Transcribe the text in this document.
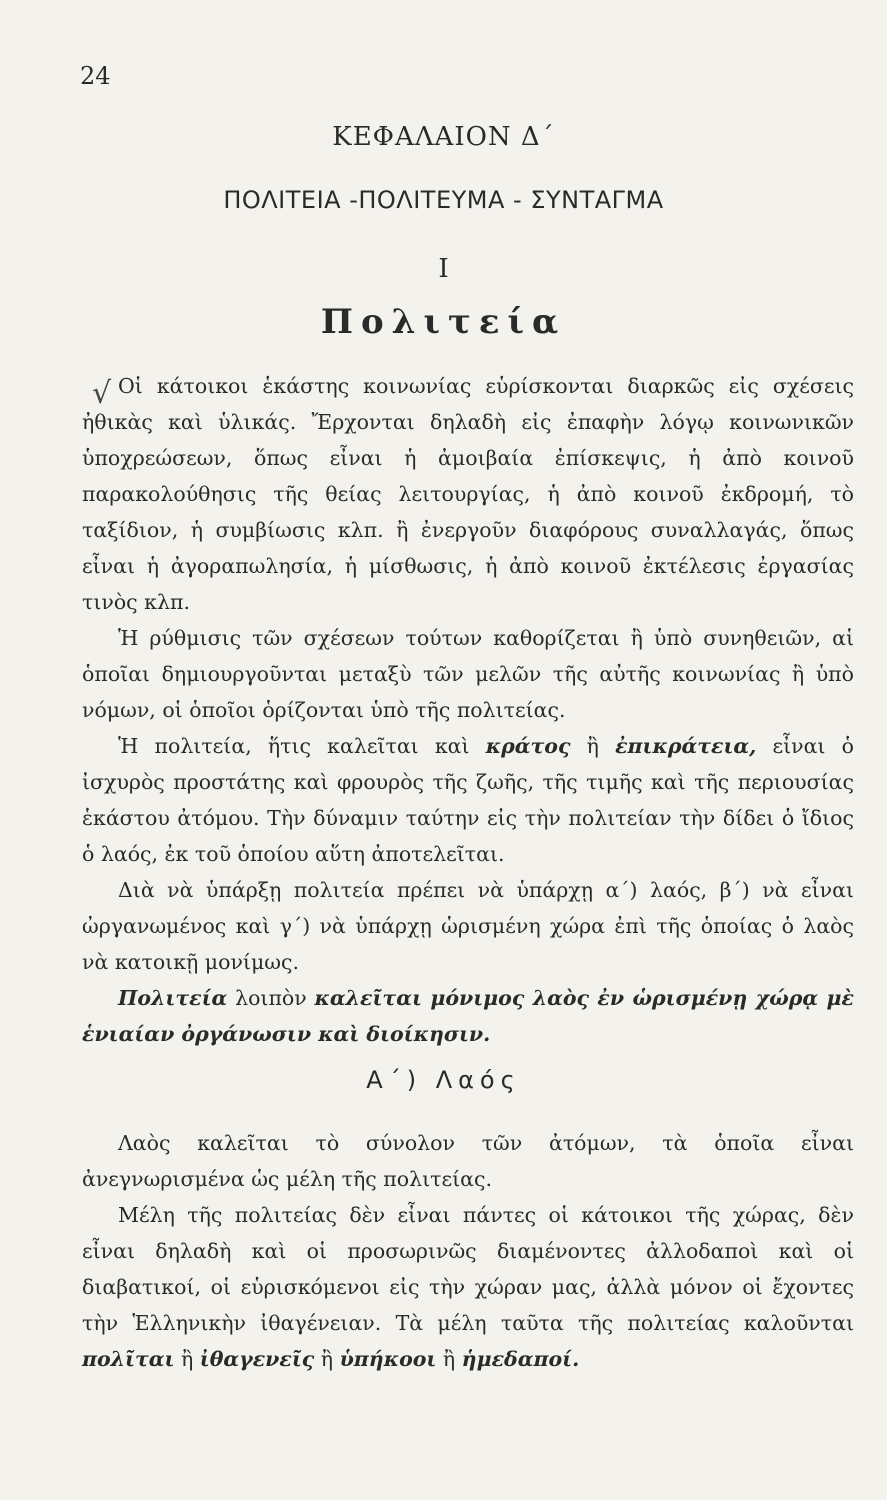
24
ΚΕΦΑΛΑΙΟΝ Δ΄
ΠΟΛΙΤΕΙΑ -ΠΟΛΙΤΕΥΜΑ - ΣΥΝΤΑΓΜΑ
Ι
Πολιτεία
√ Οἱ κάτοικοι ἑκάστης κοινωνίας εὑρίσκονται διαρκῶς εἰς σχέσεις ἠθικὰς καὶ ὑλικάς. Ἔρχονται δηλαδὴ εἰς ἐπαφὴν λόγῳ κοινωνικῶν ὑποχρεώσεων, ὅπως εἶναι ἡ ἀμοιβαία ἐπίσκεψις, ἡ ἀπὸ κοινοῦ παρακολούθησις τῆς θείας λειτουργίας, ἡ ἀπὸ κοινοῦ ἐκδρομή, τὸ ταξίδιον, ἡ συμβίωσις κλπ. ἢ ἐνεργοῦν διαφόρους συναλλαγάς, ὅπως εἶναι ἡ ἀγοραπωλησία, ἡ μίσθωσις, ἡ ἀπὸ κοινοῦ ἐκτέλεσις ἐργασίας τινὸς κλπ.

Ἡ ρύθμισις τῶν σχέσεων τούτων καθορίζεται ἢ ὑπὸ συνηθειῶν, αἱ ὁποῖαι δημιουργοῦνται μεταξὺ τῶν μελῶν τῆς αὐτῆς κοινωνίας ἢ ὑπὸ νόμων, οἱ ὁποῖοι ὁρίζονται ὑπὸ τῆς πολιτείας.

Ἡ πολιτεία, ἥτις καλεῖται καὶ κράτος ἢ ἐπικράτεια, εἶναι ὁ ἰσχυρὸς προστάτης καὶ φρουρὸς τῆς ζωῆς, τῆς τιμῆς καὶ τῆς περιουσίας ἑκάστου ἀτόμου. Τὴν δύναμιν ταύτην εἰς τὴν πολιτείαν τὴν δίδει ὁ ἴδιος ὁ λαός, ἐκ τοῦ ὁποίου αὕτη ἀποτελεῖται.

Διὰ νὰ ὑπάρξῃ πολιτεία πρέπει νὰ ὑπάρχῃ α΄) λαός, β΄) νὰ εἶναι ὠργανωμένος καὶ γ΄) νὰ ὑπάρχῃ ὡρισμένη χώρα ἐπὶ τῆς ὁποίας ὁ λαὸς νὰ κατοικῇ μονίμως.

Πολιτεία λοιπὸν καλεῖται μόνιμος λαὸς ἐν ὡρισμένῃ χώρᾳ μὲ ἑνιαίαν ὀργάνωσιν καὶ διοίκησιν.

Α΄) Λαός

Λαὸς καλεῖται τὸ σύνολον τῶν ἀτόμων, τὰ ὁποῖα εἶναι ἀνεγνωρισμένα ὡς μέλη τῆς πολιτείας.

Μέλη τῆς πολιτείας δὲν εἶναι πάντες οἱ κάτοικοι τῆς χώρας, δὲν εἶναι δηλαδὴ καὶ οἱ προσωρινῶς διαμένοντες ἀλλοδαποὶ καὶ οἱ διαβατικοί, οἱ εὑρισκόμενοι εἰς τὴν χώραν μας, ἀλλὰ μόνον οἱ ἔχοντες τὴν Ἑλληνικὴν ἰθαγένειαν. Τὰ μέλη ταῦτα τῆς πολιτείας καλοῦνται πολῖται ἢ ἰθαγενεῖς ἢ ὑπήκοοι ἢ ἡμεδαποί.
